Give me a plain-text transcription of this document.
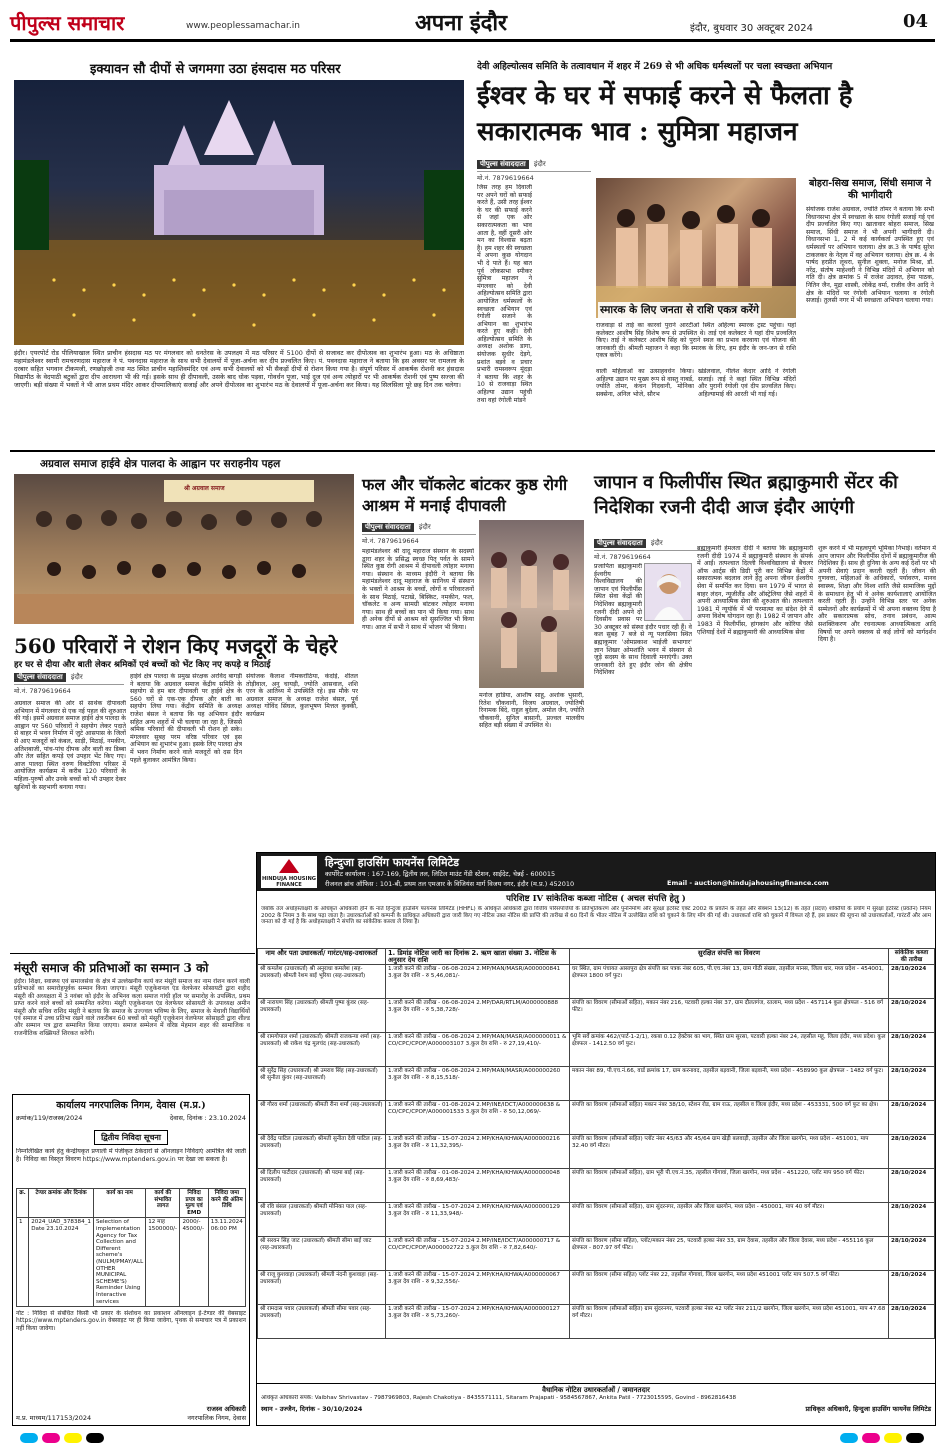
पीपुल्स समाचार	www.peoplessamachar.in	अपना इंदौर	इंदौर, बुधवार 30 अक्टूबर 2024	04
इक्यावन सौ दीपों से जगमगा उठा हंसदास मठ परिसर
इंदौर। एयरपोर्ट रोड पीलियाखाल स्थित प्राचीन हंसदास मठ पर मंगलवार को धनतेरस के उपलक्ष्य में मठ परिसर में 5100 दीपों से सजावट कर दीपोत्सव का शुभारंभ हुआ। मठ के अधिष्ठाता महामंडलेश्वर स्वामी रामचरणदास महाराज ने पं. पवनदास महाराज के साथ सभी देवालयों में पूजा-अर्चना कर दीप प्रज्वलित किए। पं. पवनदास महाराज ने बताया कि इस अवसर पर रामलला के दरबार सहित भगवान टीकमजी, रणछोड़जी तथा मठ स्थित प्राचीन महाशिवमंदिर एवं अन्य सभी देवालयों को भी सैकड़ों दीपों से रोशन किया गया है। संपूर्ण परिसर में आकर्षक रोशनी कर हंसदास विद्यापीठ के वेदपाठी बटुकों द्वारा दीप आराधना भी की गई। इसके साथ ही दीपावली, उसके बाद धोक पड़वा, गोवर्धन पूजा, भाई दूज एवं अन्य त्योहारों पर भी आकर्षक रोशनी एवं पुष्प सज्जा की जाएगी। बड़ी संख्या में भक्तों ने भी आज प्रथम मंदिर आकर दीपमालिकाएं सजाई और अपने दीपोत्सव का शुभारंभ मठ के देवालयों में पूजा-अर्चना कर किया। यह सिलसिला पूरे छह दिन तक चलेगा।
देवी अहिल्योत्सव समिति के तत्वावधान में शहर में 269 से भी अधिक धर्मस्थलों पर चला स्वच्छता अभियान
ईश्वर के घर में सफाई करने से फैलता है सकारात्मक भाव : सुमित्रा महाजन
पीपुल्स संवाददाता इंदौर
मो.नं. 7879619664
जिस तरह हम दिवाली पर अपने घरों को सफाई करते हैं, उसी तरह ईश्वर के घर की सफाई करने से जहां एक ओर सकारात्मकता का भाव आता है, वहीं दूसरी ओर मन का विश्वास बढ़ता है। हम शहर की स्वच्छता में अपना कुछ योगदान भी दे पाते हैं। यह बात पूर्व लोकसभा स्पीकर सुमित्रा महाजन ने मंगलवार को देवी अहिल्योत्सव समिति द्वारा आयोजित धर्मस्थलों के स्वच्छता अभियान एवं रंगोली सजाने के अभियान का शुभारंभ करते हुए कही। देवी अहिल्योत्सव समिति के अध्यक्ष अशोक डागा, संयोजक सुधीर देड़गे, प्रशांत बड़वे व प्रचार प्रभारी रामस्वरूप मूंदड़ा ने बताया कि शहर के 10 से राजवाड़ा स्थित अहिल्या उद्यान पहुंची तथा वहां रंगोली मांडने
स्मारक के लिए जनता से राशि एकत्र करेंगे
राजवाड़ा से ताई का कारवां पुराने आरटीओ स्थित अहिल्या स्मारक ट्रस्ट पहुंचा। यहां कलेक्टर आशीष सिंह विशेष रूप से उपस्थित थे। ताई एवं कलेक्टर ने यहां दीप प्रज्वलित किए। ताई ने कलेक्टर आशीष सिंह को पुराने स्थल का प्रभाव करवाया एवं योजना की जानकारी दी। श्रीमती महाजन ने कहा कि स्मारक के लिए, हम इंदौर के जन-जन से राशि एकत्र करेंगे।
वाली महिलाओं का उत्साहवर्धन किया। अहिल्या उद्यान पर मुख्य रूप से वास्तु नाबर्ड, ज्योति तोमर, कंचन गिदवानी, मोनिका सक्सेना, अनिल भोजे, सौरभ
खंडेलवाल, नीलेश केदार आदि ने रंगोली सजाई। ताई ने कहां स्थित विभिन्न मंदिरों और पुरानी रंगोली एवं दीप प्रज्वलित किए। अहिल्यामाई की आरती भी गाई गई।
बोहरा-सिख समाज, सिंधी समाज ने की भागीदारी
संयोजक राजेश अग्रवाल, ज्योति तोमर ने बताया कि सभी विधानसभा क्षेत्र में स्वच्छता के साथ रंगोली सजाई गई एवं दीप प्रज्वलित किए गए। खातावार बोहरा समाज, सिख समाज, सिंधी समाज ने भी अपनी भागीदारी दी। विधानसभा 1, 2 में कई कार्यकर्ता उपस्थित हुए एवं धर्मस्थलों पर अभियान चलाया। क्षेत्र क्र.3 के पार्षद सुरेश टाकलकर के नेतृत्व में वह अभियान चलाया। क्षेत्र क्र. 4 के पार्षद हरप्रीत लूथरा, सुनील शुक्ला, मनोज मिश्रा, डॉ. नरेंद्र, संतोष माहेश्वरी ने विभिन्न मंदिरों में अभियान को गति दी। क्षेत्र क्रमांक 5 में राजेश उदावत, हेमा पाठक, नितिन जैन, मुद्रा शास्त्री, लोकेंद्र वर्मा, राजीव जैन आदि ने क्षेत्र के मंदिरों पर रंगोली अभियान चलाया व रंगोली सजाई। तुलसी नगर में भी स्वच्छता अभियान चलाया गया।
अग्रवाल समाज हाईवे क्षेत्र पालदा के आह्वान पर सराहनीय पहल
श्री अग्रवाल समाज
560 परिवारों ने रोशन किए मजदूरों के चेहरे
हर घर से दीया और बाती लेकर श्रमिकों एवं बच्चों को भेंट किए नए कपड़े व मिठाई
पीपुल्स संवाददाता इंदौर
मो.नं. 7879619664
अग्रवाल समाज की ओर से सार्थक दीपावली अभियान में मंगलवार से एक नई पहल की शुरुआत की गई। इसमें अग्रवाल समाज हाईवे क्षेत्र पालदा के आह्वान पर 560 परिवारों ने सहयोग लेकर पदाते से बाहर में भवन निर्माण में जुटे आसपास के जिलों से आए मजदूरों को कंबल, साड़ी, मिठाई, नमकीन, अतिशबाजी, पांच-पांच दीपक और बाती का डिब्बा और तेल सहित कपड़े एवं उपहार भेंट किए गए। आज पालदा स्थित वरुण विक्टोरिया परिसर में आयोजित कार्यक्रम में करीब 120 परिवारों के महिला-पुरुषों और उनके बच्चों को भी उपहार देकर खुशियों के सहभागी बनाया गया।
हाईवे क्षेत्र पालदा के प्रमुख संरक्षक अरविंद बागड़ी ने बताया कि अग्रवाल समाज केंद्रीय समिति के सहयोग से हम बार दीपावली पर हाईवे क्षेत्र के 560 घरों से एक-एक दीपक और बाती का सहयोग लिया गया। केंद्रीय समिति के अध्यक्ष राजेश बंसल ने बताया कि यह अभियान इंदौर सहित अन्य शहरों में भी चलाया जा रहा है, जिससे श्रमिक परिवारों की दीपावली भी रोशन हो सके। मंगलवार सुबह परम वरिष्ठ परिवार एवं इस अभियान का शुभारंभ हुआ। इसके लिए पालदा क्षेत्र में भवन निर्माण करने वाले मजदूरों को दस दिन पहले बुलाकर आमंत्रित किया।
संयोजक कैलाश नीमकरोठिया, कंदोई, शीतल तोड़ीवाल, अनु चायड़ी, ज्योति आसवाल, शशि एरन के आतिथ्य में उपस्थिति रहे। इस मौके पर अग्रवाल समाज के अध्यक्ष राजेश बंसल, पूर्व अध्यक्ष गोविंद सिंघल, कुलभूषण मित्तल कुक्की, कार्यक्रम
फल और चॉकलेट बांटकर कुष्ठ रोगी आश्रम में मनाई दीपावली
पीपुल्स संवाददाता इंदौर
मो.नं. 7879619664
महामंडलेश्वर श्री दादू महाराज संस्थान के सदस्यों द्वारा शहर के प्रसिद्ध स्वच्छ पितृ पर्वत के सामने स्थित कुष्ठ रोगी आश्रम में दीपावली त्योहार मनाया गया। संस्थान के माध्यम इंदौरी ने बताया कि महामंडलेश्वर दादू महाराज के सानिध्य में संस्थान के भक्तों ने आश्रम के बच्चों, लोगों व परिवारजनों के साथ मिठाई, पटाखे, बिस्किट, नमकीन, फल, चॉकलेट व अन्य सामग्री बांटकर त्योहार मनाया गया। साथ ही बच्चों का पान भी किया गया। साथ ही अनेक दीपों से आश्रम को सुसज्जित भी किया गया। आज में सभी ने साथ में भोजन भी किया।
मनोज हाडिया, आशीष साहू, अशोक भुसारी, रितेश चौकवानी, विजय अग्रवाल, ज्योतिषी रिनामक बिंदे, राहुल बुदेला, अमोल जैन, ज्योति चौकवानी, सुनिल बासानी, प्रज्वल मालवीय सहित बड़ी संख्या में उपस्थित थे।
जापान व फिलीपींस स्थित ब्रह्माकुमारी सेंटर की निदेशिका रजनी दीदी आज इंदौर आएंगी
पीपुल्स संवाददाता इंदौर
मो.नं. 7879619664
प्रजापिता ब्रह्माकुमारी ईश्वरीय विश्वविद्यालय की जापान एवं फिलीपींस स्थित सेवा केंद्रों की निदेशिका ब्रह्माकुमारी रजनी दीदी अपने दो दिवसीय प्रवास पर 30 अक्टूबर को संस्था इंदौर पधार रही हैं। वे कल सुबह 7 बजे से न्यू पलासिया स्थित ब्रह्माकुमार 'ओमप्रकाश भाईजी सभागार' ज्ञान शिखर ओमशांति भवन में संस्थान से जुड़े सदस्य के साथ दिवाली मनाएंगी। उक्त जानकारी देते हुए इंदौर जोन की क्षेत्रीय निदेशिका
ब्रह्माकुमारी हेमलता दीदी ने बताया कि ब्रह्माकुमारी रजनी दीदी 1974 में ब्रह्माकुमारी संस्थान के संपर्क में आईं। तत्पश्चात दिल्ली विश्वविद्यालय से बैचलर ऑफ आर्ट्स की डिग्री पूरी कर विभिन्न केंद्रों में सकारात्मक बदलाव लाने हेतु अपना जीवन ईश्वरीय सेवा में समर्पित कर दिया। सन 1979 में भारत से बाहर लंदन, न्यूजीलैंड और ऑस्ट्रेलिया जैसे शहरों में अपनी आध्यात्मिक सेवा की शुरुआत की। तत्पश्चात 1981 में न्यूयॉर्क में भी परमात्मा का संदेश देने में अपना विशेष योगदान रहा है। 1982 में जापान और 1983 में फिलीपींस, हांगकांग और कोरिया जैसे एशियाई देशों में ब्रह्माकुमारी की आध्यात्मिक सेवा
शुरू करने में भी महत्वपूर्ण भूमिका निभाई। वर्तमान में आप जापान और फिलीपींस दोनों में ब्रह्माकुमारीज की निदेशिका हैं। साथ ही दुनिया के अन्य कई देशों पर भी अपनी सेवाएं प्रदान करती रहती हैं। जीवन की गुणवत्ता, महिलाओं के अधिकारों, पर्यावरण, मानव स्वास्थ्य, शिक्षा और विश्व शांति जैसे सामाजिक मुद्दों के समाधान हेतु भी वे अनेक कार्यशालाएं आयोजित करती रहती हैं। उन्होंने विभिन्न स्तर पर अनेक सम्मेलनों और कार्यक्रमों में भी अपना वक्तव्य दिया है और सकारात्मक सोच, तनाव प्रबंधन, आत्म सशक्तिकरण और रचनात्मक आध्यात्मिकता आदि विषयों पर अपने वक्तव्य से कई लोगों को मार्गदर्शन दिया है।
मंसूरी समाज की प्रतिभाओं का सम्मान 3 को
इंदौर। शिक्षा, स्वास्थ्य एवं समाजसेवा के क्षेत्र में उल्लेखनीय कार्य कर मंसूरी समाज का नाम रोशन करने वाली प्रतिभाओं का समारोहपूर्वक सम्मान किया जाएगा। मंसूरी एजुकेशनल एंड वेलफेयर सोसायटी द्वारा शहीद मंसूरी की अध्यक्षता में 3 नवंबर को इंदौर के अभिनव कला समाज गांधी हॉल पर समारोह के उपस्थित, प्रथम प्राप्त करने वाले बच्चों को सम्मानित करेगा। मंसूरी एजुकेशनल एंड वेलफेयर सोसायटी के उपाध्यक्ष अमीन मंसूरी और सचिव राशिद मंसूरी ने बताया कि समाज के उज्ज्वल भविष्य के लिए, समाज के मेधावी विद्यार्थियों एवं समाज में उच्च प्रतिभा रखने वाले तकरीबन 60 बच्चों को मंसूरी एजुकेशन वेलफेयर सोसाइटी द्वारा शील्ड और सम्मान पत्र द्वारा सम्मानित किया जाएगा। समाज सम्मेलन में वरिष्ठ मेहमान शहर की सामाजिक व राजनीतिक शख्सियतें शिरकत करेंगी।
कार्यालय नगरपालिक निगम, देवास (म.प्र.)
क्रमांक/119/राजस्व/2024	देवास, दिनांक : 23.10.2024
द्वितीय निविदा सूचना
निम्नलिखित कार्य हेतु केन्द्रीयकृत प्रणाली में पंजीकृत ठेकेदारों से ऑनलाइन निविदाएं आमंत्रित की जाती है। निविदा का विस्तृत विवरण https://www.mptenders.gov.in पर देखा जा सकता है।
क्र.	टेण्डर क्रमांक और दिनांक	कार्य का नाम	कार्य की संभावित लागत	निविदा प्रपत्र का मूल्य एवं EMD	निविदा जमा करने की अंतिम तिथि
1	2024_UAD_378384_1 Date 23.10.2024	Selection of implementation Agency for Tax Collection and Different scheme's (NULM/PMAY/ALL OTHER MUNICIPAL SCHEME'S) Reminder Using Interactive services	12 माह 1500000/-	2000/- 45000/-	13.11.2024 06:00 PM
नोट : निविदा से संबंधित किसी भी प्रकार के संशोधन का प्रकाशन ऑनलाइन ई-टेण्डर की वेबसाइट https://www.mptenders.gov.in वेबसाइट पर ही किया जावेगा, पृथक से समाचार पत्र में प्रकाशन नहीं किया जावेगा।
राजस्व अधिकारी
म.प्र. माध्यम/117153/2024	नगरपालिक निगम, देवास
HINDUJA HOUSING FINANCE
हिन्दुजा हाउसिंग फायनेंस लिमिटेड
कार्पोरेट कार्यालय : 167-169, द्वितीय तल, लिटिल माउंट गेंडी स्टेशन, साईदेट, चेन्नई - 600015
रीजनल ब्रांच ऑफिस : 101-बी, प्रथम तल एमआर के विजियंस मार्ग विजय नगर, इंदौर (म.प्र.) 452010	Email - auction@hindujahousingfinance.com
परिशिष्ट IV सांकेतिक कब्जा नोटिस ( अचल संपत्ति हेतु )
जबकि तल अधोहस्ताक्षरी के अधिकृत अधिकारी होने के नाते हिन्दुजा हाउसिंग फायनेंस लिमिटेड (HHFL) के अधिकृत अधिकारी द्वारा वित्तीय परिसंपत्तियों के प्रतिभूतिकरण और पुनर्निर्माण और सुरक्षा इंटरेस्ट एक्ट 2002 के प्रवर्तन के तहत और सेक्शन 13(12) के तहत (प्रदत्त) शक्तियों के प्रयोग में सुरक्षा इंटरेस्ट (प्रवर्तन) नियम 2002 के नियम 3 के साथ पढ़ा जाता है। उधारकर्ताओं को कम्पनी के प्राधिकृत अधिकारी द्वारा जारी किए गए नोटिस उक्त नोटिस की प्राप्ति की तारीख से 60 दिनों के भीतर नोटिस में उल्लेखित राशि को चुकाने के लिए माँग की गई थी। उधारकर्ता राशि को चुकाने में विफल रहे हैं, इस प्रकार की सूचना को उधारकर्ताओं, गारंटरों और आम जनता को दी गई है कि अधोहस्ताक्षरी ने संपत्ति का सांकेतिक कब्जा ले लिया है।
नाम और पता उधारकर्ता/ गारंटर/सह-उधारकर्ता	1. डिमांड नोटिस जारी का दिनांक 2. ऋण खाता संख्या 3. नोटिस के अनुसार देय राशि	सुरक्षित संपत्ति का विवरण	सांकेतिक कब्जा की तारीख
श्री कमलेश (उधारकर्ता) श्री अनुराधा कमलेश (सह-उधारकर्ता) श्रीमती रेशम बाई भूरिया (सह-उधारकर्ता)	1.जारी करने की तारीख - 06-08-2024 2.MP/MAN/MASR/A000000841 3.कुल देय राशि - रु 5,46,081/-	घर स्थित, ग्राम पंचायत आसापुरा क्षेत्र संपत्ति कर पत्रक नंबर 605, पी.एच.नंबर 13, ग्राम गोठी संख्या, तहसील मानस, जिला धार, मध्य प्रदेश - 454001, क्षेत्रफल 1800 वर्ग फुट।	28/10/2024
श्री नारायण सिंह (उधारकर्ता) श्रीमती पुष्पा कुंवर (सह-उधारकर्ता)	1.जारी करने की तारीख - 06-08-2024 2.MP/DAR/RTLM/A000000888 3.कुल देय राशि - रु 5,38,728/-	संपत्ति का विवरण (सीमाओं सहित), मकान नंबर 216, पटवारी हल्का नंबर 37, ग्राम दौलतगंज, रतलाम, मध्य प्रदेश - 457114 कुल क्षेत्रफल - 516 वर्ग फीट।	28/10/2024
श्री रामगोपाल शर्मा (उधारकर्ता) श्रीमती राजकन्या शर्मा (सह-उधारकर्ता) श्री राकेश चंद्र मूलचंद (सह-उधारकर्ता)	1.जारी करने की तारीख - 06-08-2024 2.MP/MAN/MASR/A000000011 & CO/CPC/CPOF/A000003107 3.कुल देय राशि - रु 27,19,410/-	भूमि सर्वे क्रमांक 462/(पार्ट-1-2/1), रकबा 0.12 हेक्टेयर का भाग, स्थित ग्राम सुरसा, पटवारी हल्का नंबर 24, तहसील महू, जिला इंदौर, मध्य प्रदेश। कुल क्षेत्रफल - 1412.50 वर्ग फुट।	28/10/2024
श्री सुरेंद्र सिंह (उधारकर्ता) श्री उमराव सिंह (सह-उधारकर्ता) श्री सुनीता कुंवर (सह-उधारकर्ता)	1.जारी करने की तारीख - 06-08-2024 2.MP/MAN/MASR/A000000260 3.कुल देय राशि - रु 8,15,518/-	मकान नंबर 89, पी.एच.नं.66, वार्ड क्रमांक 17, ग्राम करनावद, तहसील बड़वानी, जिला बड़वानी, मध्य प्रदेश - 458990 कुल क्षेत्रफल - 1482 वर्ग फुट।	28/10/2024
श्री गौरव शर्मा (उधारकर्ता) श्रीमती रीना शर्मा (सह-उधारकर्ता)	1.जारी करने की तारीख - 01-08-2024 2.MP/INE/IDCT/A000000638 & CO/CPC/CPOF/A000001533 3.कुल देय राशि - रु 50,12,069/-	संपत्ति का विवरण (सीमाओं सहित) मकान नंबर 38/10, स्टेशन रोड, ग्राम राऊ, तहसील व जिला इंदौर, मध्य प्रदेश - 453331, 500 वर्ग फुट का क्षेत्र।	28/10/2024
श्री देवेंद्र पाटिल (उधारकर्ता) श्रीमती सुनीता देवी पाटिल (सह-उधारकर्ता)	1.जारी करने की तारीख - 15-07-2024 2.MP/KHA/KHWA/A000000216 3.कुल देय राशि - रु 11,32,395/-	संपत्ति का विवरण (सीमाओं सहित) प्लॉट नंबर 45/63 और 45/64 ग्राम खेड़ी बलवाड़ी, तहसील और जिला खरगोन, मध्य प्रदेश - 451001, माप 32.40 वर्ग मीटर।	28/10/2024
श्री दिलीप पाटीदार (उधारकर्ता) श्री पदमा बाई (सह-उधारकर्ता)	1.जारी करने की तारीख - 01-08-2024 2.MP/KHA/KHWA/A000000048 3.कुल देय राशि - रु 8,69,483/-	संपत्ति का विवरण (सीमाओं सहित), ग्राम भूरी पी.एच.नं.35, तहसील गोगावां, जिला खरगोन, मध्य प्रदेश - 451220, प्लॉट माप 950 वर्ग फीट।	28/10/2024
श्री रवि बंसल (उधारकर्ता) श्रीमती मोनिका पाल (सह-उधारकर्ता)	1.जारी करने की तारीख - 15-07-2024 2.MP/KHA/KHWA/A000000129 3.कुल देय राशि - रु 11,33,948/-	संपत्ति का विवरण (सीमाओं सहित), ग्राम सुंदरनगर, तहसील और जिला खरगोन, मध्य प्रदेश - 450001, माप 40 वर्ग मीटर।	28/10/2024
श्री सरवन सिंह जाट (उधारकर्ता) श्रीमती सीमा बाई जाट (सह-उधारकर्ता)	1.जारी करने की तारीख - 15-07-2024 2.MP/INE/IDCT/A000000717 & CO/CPC/CPOF/A000002722 3.कुल देय राशि - रु 7,82,640/-	संपत्ति का विवरण (सीमा सहित), प्लॉट/मकान नंबर 25, पटवारी हल्का नंबर 33, ग्राम देवास, तहसील और जिला देवास, मध्य प्रदेश - 455116 कुल क्षेत्रफल - 807.97 वर्ग फीट।	28/10/2024
श्री राजू कुशवाहा (उधारकर्ता) श्रीमती नंदनी कुशवाहा (सह-उधारकर्ता)	1.जारी करने की तारीख - 15-07-2024 2.MP/KHA/KHWA/A000000067 3.कुल देय राशि - रु 9,32,556/-	संपत्ति का विवरण (सीमा सहित) प्लॉट नंबर 22, तहसील गोगावां, जिला खरगोन, मध्य प्रदेश 451001 प्लॉट माप 507.5 वर्ग फीट।	28/10/2024
श्री रामदास पवार (उधारकर्ता) श्रीमती सीमा पवार (सह-उधारकर्ता)	1.जारी करने की तारीख - 15-07-2024 2.MP/KHA/KHWA/A000000127 3.कुल देय राशि - रु 5,73,260/-	संपत्ति का विवरण (सीमाओं सहित) ग्राम सुंदरनगर, पटवारी हल्का नंबर 42 प्लॉट नंबर 211/2 खरगोन, जिला खरगोन, मध्य प्रदेश 451001, माप 47.68 वर्ग मीटर।	28/10/2024
वैधानिक नोटिस उधारकर्ताओं / जमानतदार
अधिकृत अधिकारी संपर्क: Vaibhav Shrivastav - 7987969803, Rajesh Chakotiya - 8435571111, Sitaram Prajapati - 9584567867, Ankita Patil - 7723015595, Govind - 8962816438
स्थान - उज्जैन, दिनांक - 30/10/2024	प्राधिकृत अधिकारी, हिन्दुजा हाउसिंग फायनेंस लिमिटेड
